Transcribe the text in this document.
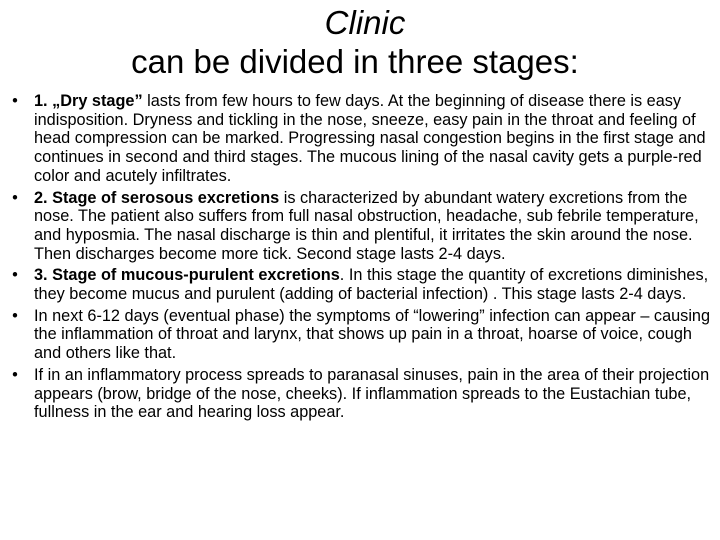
Clinic
can be divided in three stages:
• 1. „Dry stage” lasts from few hours to few days. At the beginning of disease there is easy indisposition. Dryness and tickling in the nose, sneeze, easy pain in the throat and feeling of head compression can be marked. Progressing nasal congestion begins in the first stage and continues in second and third stages. The mucous lining of the nasal cavity gets a purple-red color and acutely infiltrates.
• 2. Stage of serosous excretions is characterized by abundant watery excretions from the nose. The patient also suffers from full nasal obstruction, headache, sub febrile temperature, and hyposmia. The nasal discharge is thin and plentiful, it irritates the skin around the nose. Then discharges become more tick. Second stage lasts 2-4 days.
• 3. Stage of mucous-purulent excretions. In this stage the quantity of excretions diminishes, they become mucus and purulent (adding of bacterial infection) . This stage lasts 2-4 days.
• In next 6-12 days (eventual phase) the symptoms of “lowering” infection can appear – causing the inflammation of throat and larynx, that shows up pain in a throat, hoarse of voice, cough and others like that.
• If in an inflammatory process spreads to paranasal sinuses, pain in the area of their projection appears (brow, bridge of the nose, cheeks). If inflammation spreads to the Eustachian tube, fullness in the ear and hearing loss appear.
